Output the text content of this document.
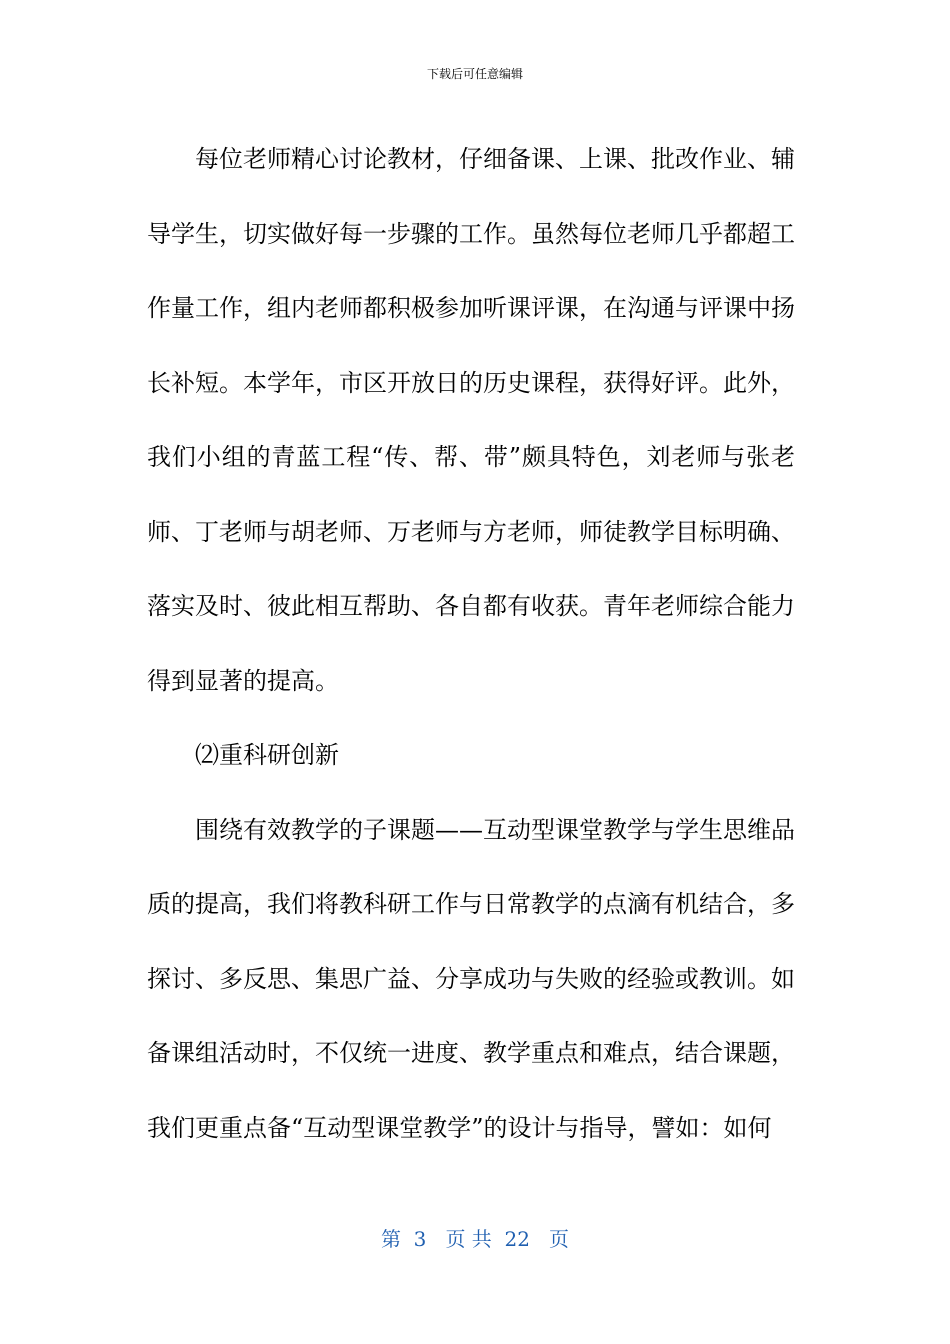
下载后可任意编辑

每位老师精心讨论教材，仔细备课、上课、批改作业、辅导学生，切实做好每一步骤的工作。虽然每位老师几乎都超工作量工作，组内老师都积极参加听课评课，在沟通与评课中扬长补短。本学年，市区开放日的历史课程，获得好评。此外，我们小组的青蓝工程“传、帮、带”颇具特色，刘老师与张老师、丁老师与胡老师、万老师与方老师，师徒教学目标明确、落实及时、彼此相互帮助、各自都有收获。青年老师综合能力得到显著的提高。

⑵重科研创新

围绕有效教学的子课题——互动型课堂教学与学生思维品质的提高，我们将教科研工作与日常教学的点滴有机结合，多探讨、多反思、集思广益、分享成功与失败的经验或教训。如备课组活动时，不仅统一进度、教学重点和难点，结合课题，我们更重点备“互动型课堂教学”的设计与指导，譬如：如何

第  3   页 共  22   页
